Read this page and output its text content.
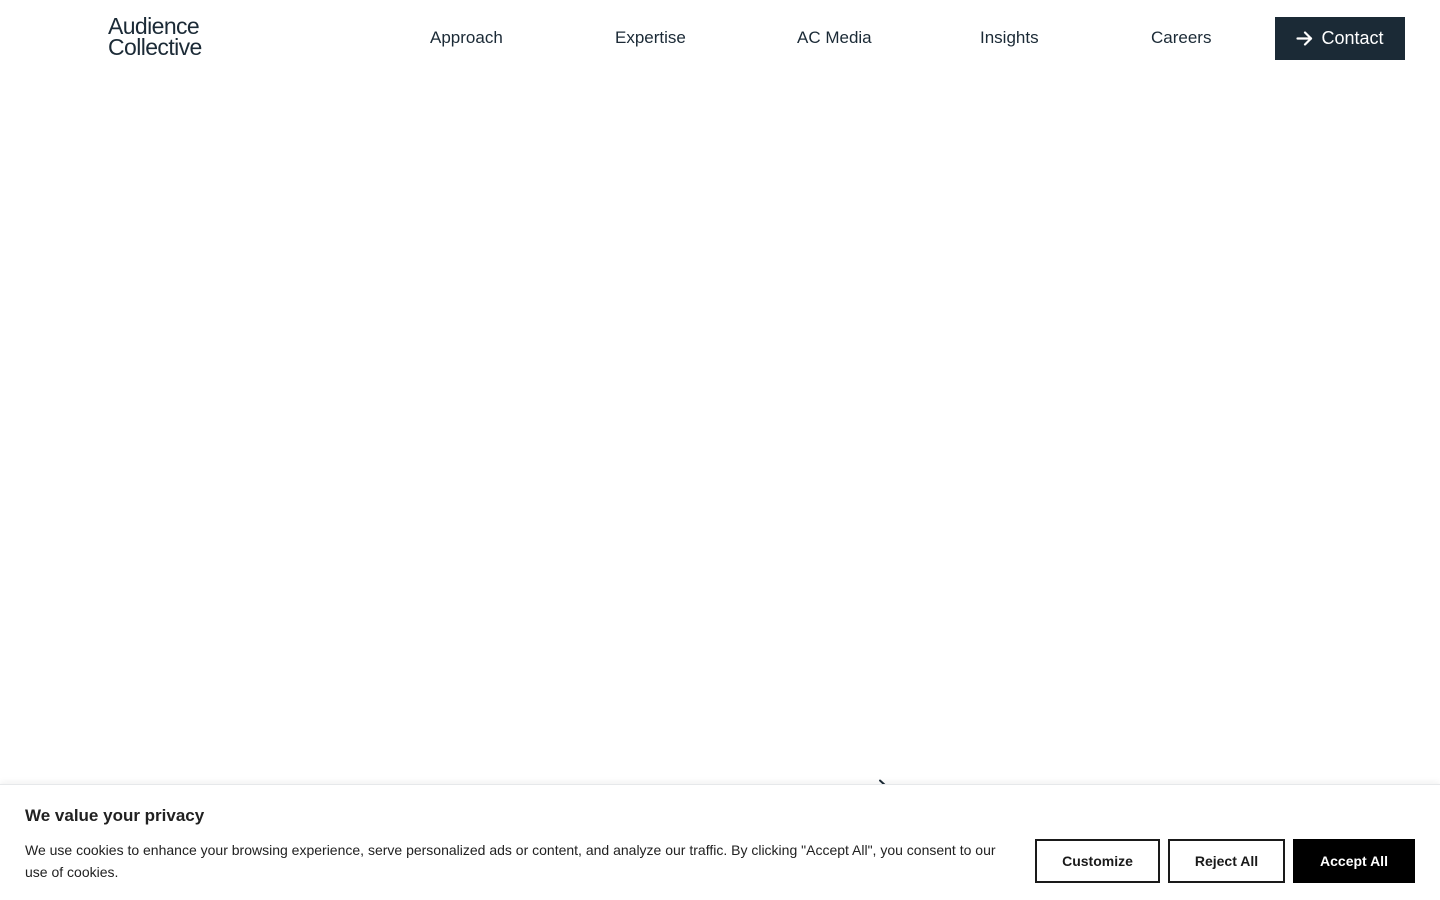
Audience
Collective	Approach	Expertise	AC Media	Insights	Careers	Contact
We value your privacy

We use cookies to enhance your browsing experience, serve personalized ads or content, and analyze our traffic. By clicking "Accept All", you consent to our use of cookies.

Customize	Reject All	Accept All
